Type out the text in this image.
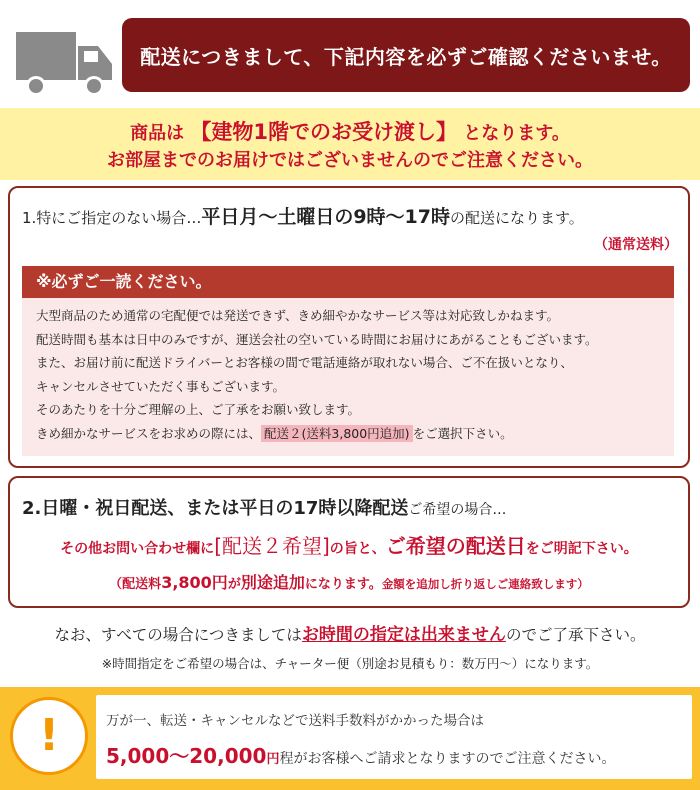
配送につきまして、下記内容を必ずご確認くださいませ。
商品は 【建物1階でのお受け渡し】 となります。
お部屋までのお届けではございませんのでご注意ください。
1.特にご指定のない場合…平日月～土曜日の9時～17時の配送になります。
（通常送料）
※必ずご一読ください。
大型商品のため通常の宅配便では発送できず、きめ細やかなサービス等は対応致しかねます。
配送時間も基本は日中のみですが、運送会社の空いている時間にお届けにあがることもございます。
また、お届け前に配送ドライバーとお客様の間で電話連絡が取れない場合、ご不在扱いとなり、
キャンセルさせていただく事もございます。
そのあたりを十分ご理解の上、ご了承をお願い致します。
きめ細かなサービスをお求めの際には、 配送２(送料3,800円追加) をご選択下さい。
2.日曜・祝日配送、または平日の17時以降配送ご希望の場合…
その他お問い合わせ欄に[配送２希望]の旨と、ご希望の配送日をご明記下さい。
（配送料3,800円が別途追加になります。金額を追加し折り返しご連絡致します）
なお、すべての場合につきましてはお時間の指定は出来ませんのでご了承下さい。
※時間指定をご希望の場合は、チャーター便（別途お見積もり：数万円～）になります。
!	万が一、転送・キャンセルなどで送料手数料がかかった場合は
5,000～20,000円程がお客様へご請求となりますのでご注意ください。
